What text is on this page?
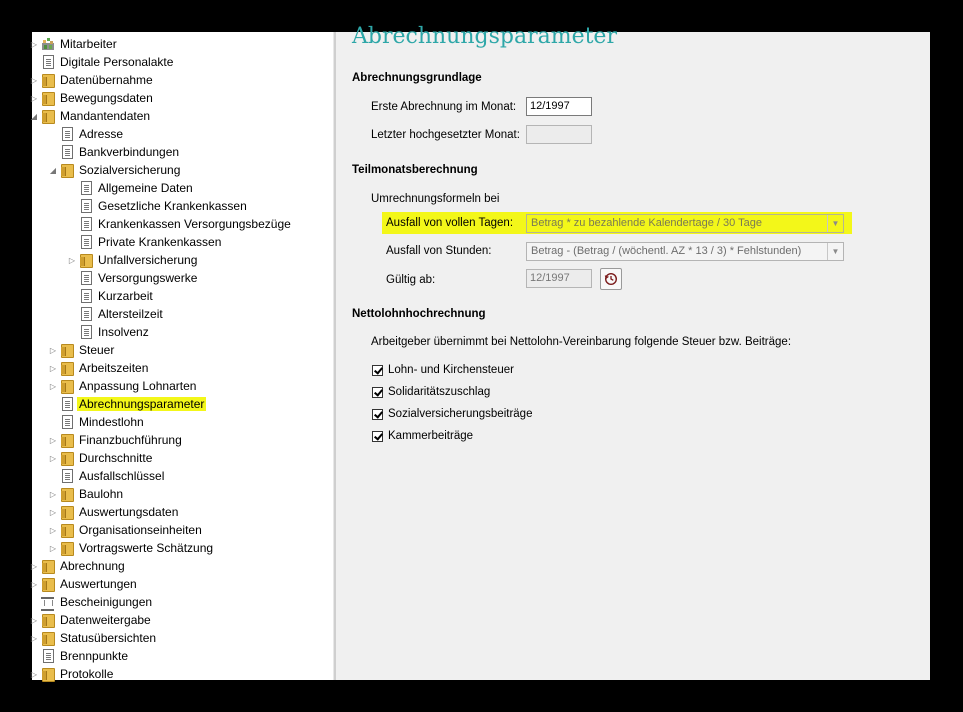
▷ Mitarbeiter
Digitale Personalakte
▷ Datenübernahme
▷ Bewegungsdaten
◢ Mandantendaten
Adresse
Bankverbindungen
◢ Sozialversicherung
Allgemeine Daten
Gesetzliche Krankenkassen
Krankenkassen Versorgungsbezüge
Private Krankenkassen
▷ Unfallversicherung
Versorgungswerke
Kurzarbeit
Altersteilzeit
Insolvenz
▷ Steuer
▷ Arbeitszeiten
▷ Anpassung Lohnarten
Abrechnungsparameter
Mindestlohn
▷ Finanzbuchführung
▷ Durchschnitte
Ausfallschlüssel
▷ Baulohn
▷ Auswertungsdaten
▷ Organisationseinheiten
▷ Vortragswerte Schätzung
▷ Abrechnung
▷ Auswertungen
Bescheinigungen
▷ Datenweitergabe
▷ Statusübersichten
Brennpunkte
▷ Protokolle
Abrechnungsparameter
Abrechnungsgrundlage
Erste Abrechnung im Monat:	12/1997
Letzter hochgesetzter Monat:
Teilmonatsberechnung
Umrechnungsformeln bei
Ausfall von vollen Tagen:	Betrag * zu bezahlende Kalendertage / 30 Tage	▼
Ausfall von Stunden:	Betrag - (Betrag / (wöchentl. AZ * 13 / 3) * Fehlstunden)	▼
Gültig ab:	12/1997
Nettolohnhochrechnung
Arbeitgeber übernimmt bei Nettolohn-Vereinbarung folgende Steuer bzw. Beiträge:
Lohn- und Kirchensteuer
Solidaritätszuschlag
Sozialversicherungsbeiträge
Kammerbeiträge
